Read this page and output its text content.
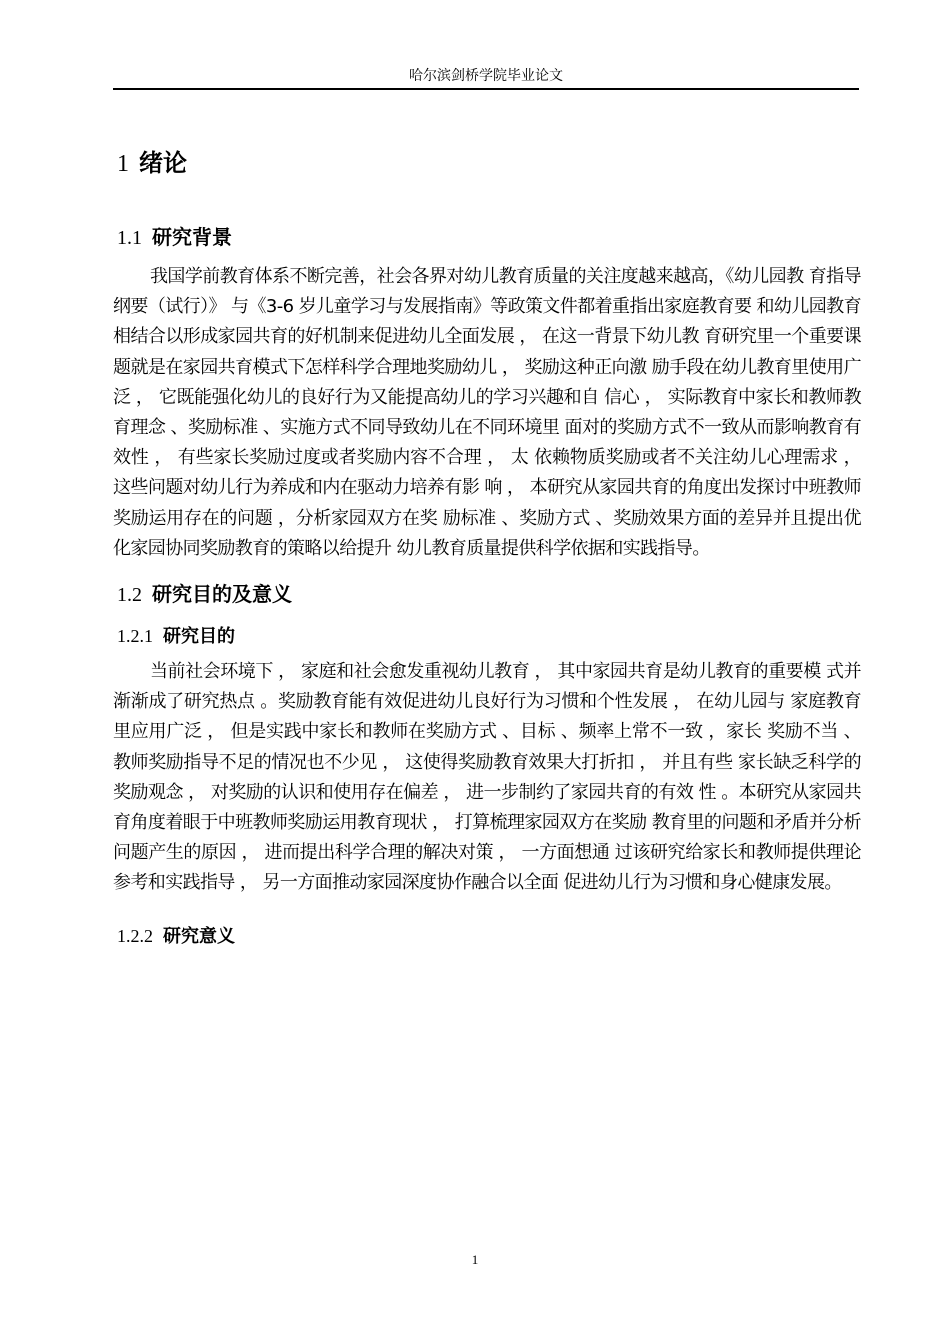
哈尔滨剑桥学院毕业论文
1 绪论
1.1 研究背景

我国学前教育体系不断完善，社会各界对幼儿教育质量的关注度越来越高，《幼儿园教 育指导纲要（试行）》 与《3-6 岁儿童学习与发展指南》等政策文件都着重指出家庭教育要 和幼儿园教育相结合以形成家园共育的好机制来促进幼儿全面发展 ， 在这一背景下幼儿教 育研究里一个重要课题就是在家园共育模式下怎样科学合理地奖励幼儿 ， 奖励这种正向激 励手段在幼儿教育里使用广泛 ， 它既能强化幼儿的良好行为又能提高幼儿的学习兴趣和自 信心 ， 实际教育中家长和教师教育理念 、奖励标准 、实施方式不同导致幼儿在不同环境里 面对的奖励方式不一致从而影响教育有效性 ， 有些家长奖励过度或者奖励内容不合理 ， 太 依赖物质奖励或者不关注幼儿心理需求 ， 这些问题对幼儿行为养成和内在驱动力培养有影 响 ， 本研究从家园共育的角度出发探讨中班教师奖励运用存在的问题 ，分析家园双方在奖 励标准 、奖励方式 、奖励效果方面的差异并且提出优化家园协同奖励教育的策略以给提升 幼儿教育质量提供科学依据和实践指导。

1.2 研究目的及意义
1.2.1 研究目的

当前社会环境下 ， 家庭和社会愈发重视幼儿教育 ， 其中家园共育是幼儿教育的重要模 式并渐渐成了研究热点 。奖励教育能有效促进幼儿良好行为习惯和个性发展 ， 在幼儿园与 家庭教育里应用广泛 ， 但是实践中家长和教师在奖励方式 、目标 、频率上常不一致 ，家长 奖励不当 、教师奖励指导不足的情况也不少见 ， 这使得奖励教育效果大打折扣 ， 并且有些 家长缺乏科学的奖励观念 ， 对奖励的认识和使用存在偏差 ， 进一步制约了家园共育的有效 性 。本研究从家园共育角度着眼于中班教师奖励运用教育现状 ， 打算梳理家园双方在奖励 教育里的问题和矛盾并分析问题产生的原因 ， 进而提出科学合理的解决对策 ， 一方面想通 过该研究给家长和教师提供理论参考和实践指导 ， 另一方面推动家园深度协作融合以全面 促进幼儿行为习惯和身心健康发展。

1.2.2 研究意义
1
